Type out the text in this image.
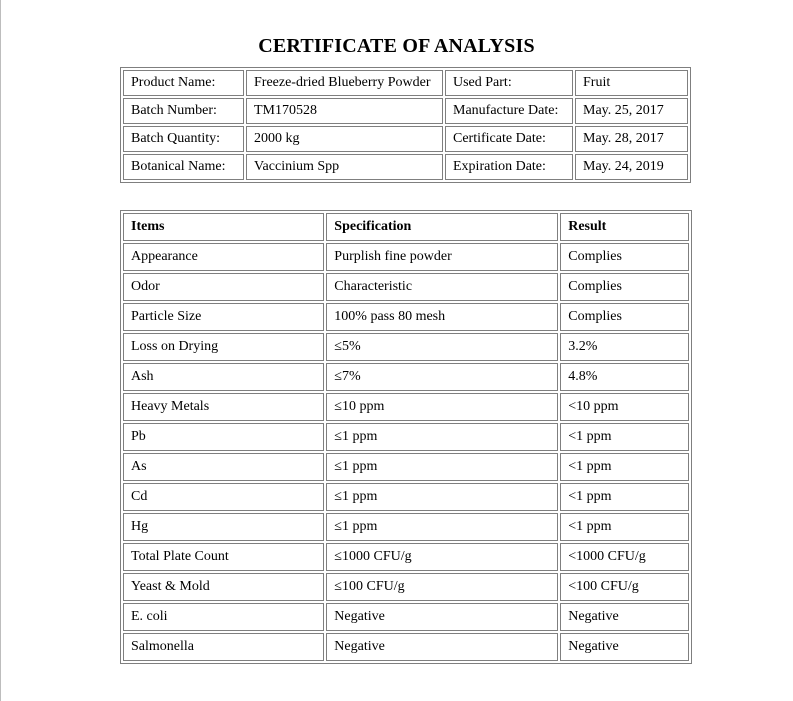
CERTIFICATE OF ANALYSIS
Product Name:	Freeze-dried Blueberry Powder	Used Part:	Fruit
Batch Number:	TM170528	Manufacture Date:	May. 25, 2017
Batch Quantity:	2000 kg	Certificate Date:	May. 28, 2017
Botanical Name:	Vaccinium Spp	Expiration Date:	May. 24, 2019
Items	Specification	Result
Appearance	Purplish fine powder	Complies
Odor	Characteristic	Complies
Particle Size	100% pass 80 mesh	Complies
Loss on Drying	≤5%	3.2%
Ash	≤7%	4.8%
Heavy Metals	≤10 ppm	<10 ppm
Pb	≤1 ppm	<1 ppm
As	≤1 ppm	<1 ppm
Cd	≤1 ppm	<1 ppm
Hg	≤1 ppm	<1 ppm
Total Plate Count	≤1000 CFU/g	<1000 CFU/g
Yeast & Mold	≤100 CFU/g	<100 CFU/g
E. coli	Negative	Negative
Salmonella	Negative	Negative
